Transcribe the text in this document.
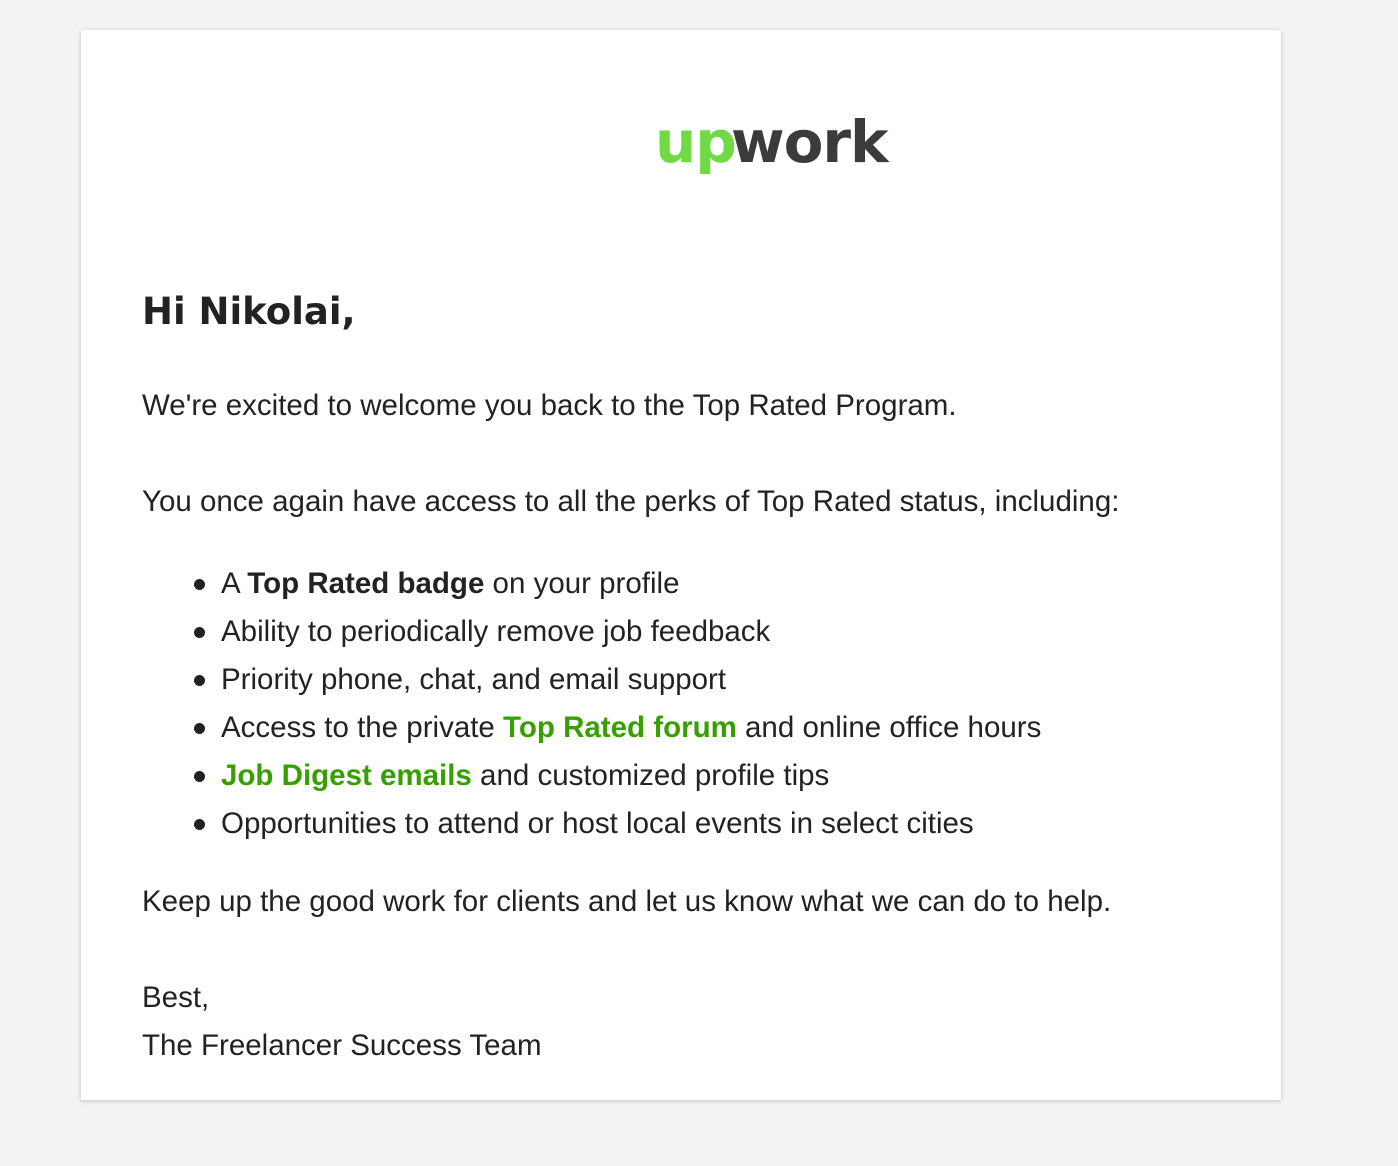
up
work
Hi Nikolai,

We're excited to welcome you back to the Top Rated Program.

You once again have access to all the perks of Top Rated status, including:

A Top Rated badge on your profile
Ability to periodically remove job feedback
Priority phone, chat, and email support
Access to the private Top Rated forum and online office hours
Job Digest emails and customized profile tips
Opportunities to attend or host local events in select cities

Keep up the good work for clients and let us know what we can do to help.

Best,

The Freelancer Success Team
